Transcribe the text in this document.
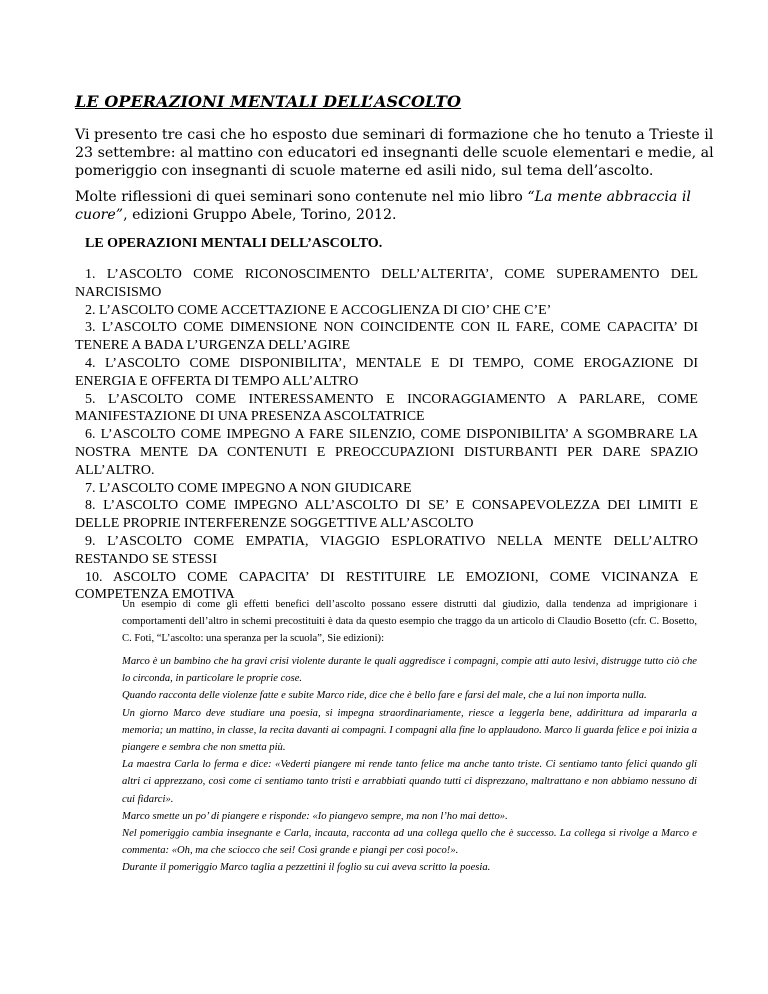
LE OPERAZIONI MENTALI DELL’ASCOLTO
Vi presento tre casi che ho esposto due seminari di formazione che ho tenuto a Trieste il 23 settembre: al mattino con educatori ed insegnanti delle scuole elementari e medie, al pomeriggio con insegnanti di scuole materne ed asili nido, sul tema dell’ascolto.
Molte riflessioni di quei seminari sono contenute nel mio libro “La mente abbraccia il cuore”, edizioni Gruppo Abele, Torino, 2012.
LE OPERAZIONI MENTALI DELL’ASCOLTO.
1. L’ASCOLTO COME RICONOSCIMENTO DELL’ALTERITA’, COME SUPERAMENTO DEL NARCISISMO
2. L’ASCOLTO COME ACCETTAZIONE E ACCOGLIENZA DI CIO’ CHE C’E’
3. L’ASCOLTO COME DIMENSIONE NON COINCIDENTE CON IL FARE, COME CAPACITA’ DI TENERE A BADA L’URGENZA DELL’AGIRE
4. L’ASCOLTO COME DISPONIBILITA’, MENTALE E DI TEMPO, COME EROGAZIONE DI ENERGIA E OFFERTA DI TEMPO ALL’ALTRO
5. L’ASCOLTO COME INTERESSAMENTO E INCORAGGIAMENTO A PARLARE, COME MANIFESTAZIONE DI UNA PRESENZA ASCOLTATRICE
6. L’ASCOLTO COME IMPEGNO A FARE SILENZIO, COME DISPONIBILITA’ A SGOMBRARE LA NOSTRA MENTE DA CONTENUTI E PREOCCUPAZIONI DISTURBANTI PER DARE SPAZIO ALL’ALTRO.
7. L’ASCOLTO COME IMPEGNO A NON GIUDICARE
8. L’ASCOLTO COME IMPEGNO ALL’ASCOLTO DI SE’ E CONSAPEVOLEZZA DEI LIMITI E DELLE PROPRIE INTERFERENZE SOGGETTIVE ALL’ASCOLTO
9. L’ASCOLTO COME EMPATIA, VIAGGIO ESPLORATIVO NELLA MENTE DELL’ALTRO RESTANDO SE STESSI
10. ASCOLTO COME CAPACITA’ DI RESTITUIRE LE EMOZIONI, COME VICINANZA E COMPETENZA EMOTIVA
Un esempio di come gli effetti benefici dell’ascolto possano essere distrutti dal giudizio, dalla tendenza ad imprigionare i comportamenti dell’altro in schemi precostituiti è data da questo esempio che traggo da un articolo di Claudio Bosetto (cfr. C. Bosetto, C. Foti, “L’ascolto: una speranza per la scuola”, Sie edizioni):

Marco è un bambino che ha gravi crisi violente durante le quali aggredisce i compagni, compie atti auto lesivi, distrugge tutto ciò che lo circonda, in particolare le proprie cose.

Quando racconta delle violenze fatte e subite Marco ride, dice che è bello fare e farsi del male, che a lui non importa nulla.

Un giorno Marco deve studiare una poesia, si impegna straordinariamente, riesce a leggerla bene, addirittura ad impararla a memoria; un mattino, in classe, la recita davanti ai compagni. I compagni alla fine lo applaudono. Marco li guarda felice e poi inizia a piangere e sembra che non smetta più.

La maestra Carla lo ferma e dice: «Vederti piangere mi rende tanto felice ma anche tanto triste. Ci sentiamo tanto felici quando gli altri ci apprezzano, così come ci sentiamo tanto tristi e arrabbiati quando tutti ci disprezzano, maltrattano e non abbiamo nessuno di cui fidarci».

Marco smette un po’ di piangere e risponde: «Io piangevo sempre, ma non l’ho mai detto».

Nel pomeriggio cambia insegnante e Carla, incauta, racconta ad una collega quello che è successo. La collega si rivolge a Marco e commenta: «Oh, ma che sciocco che sei! Così grande e piangi per così poco!».

Durante il pomeriggio Marco taglia a pezzettini il foglio su cui aveva scritto la poesia.
